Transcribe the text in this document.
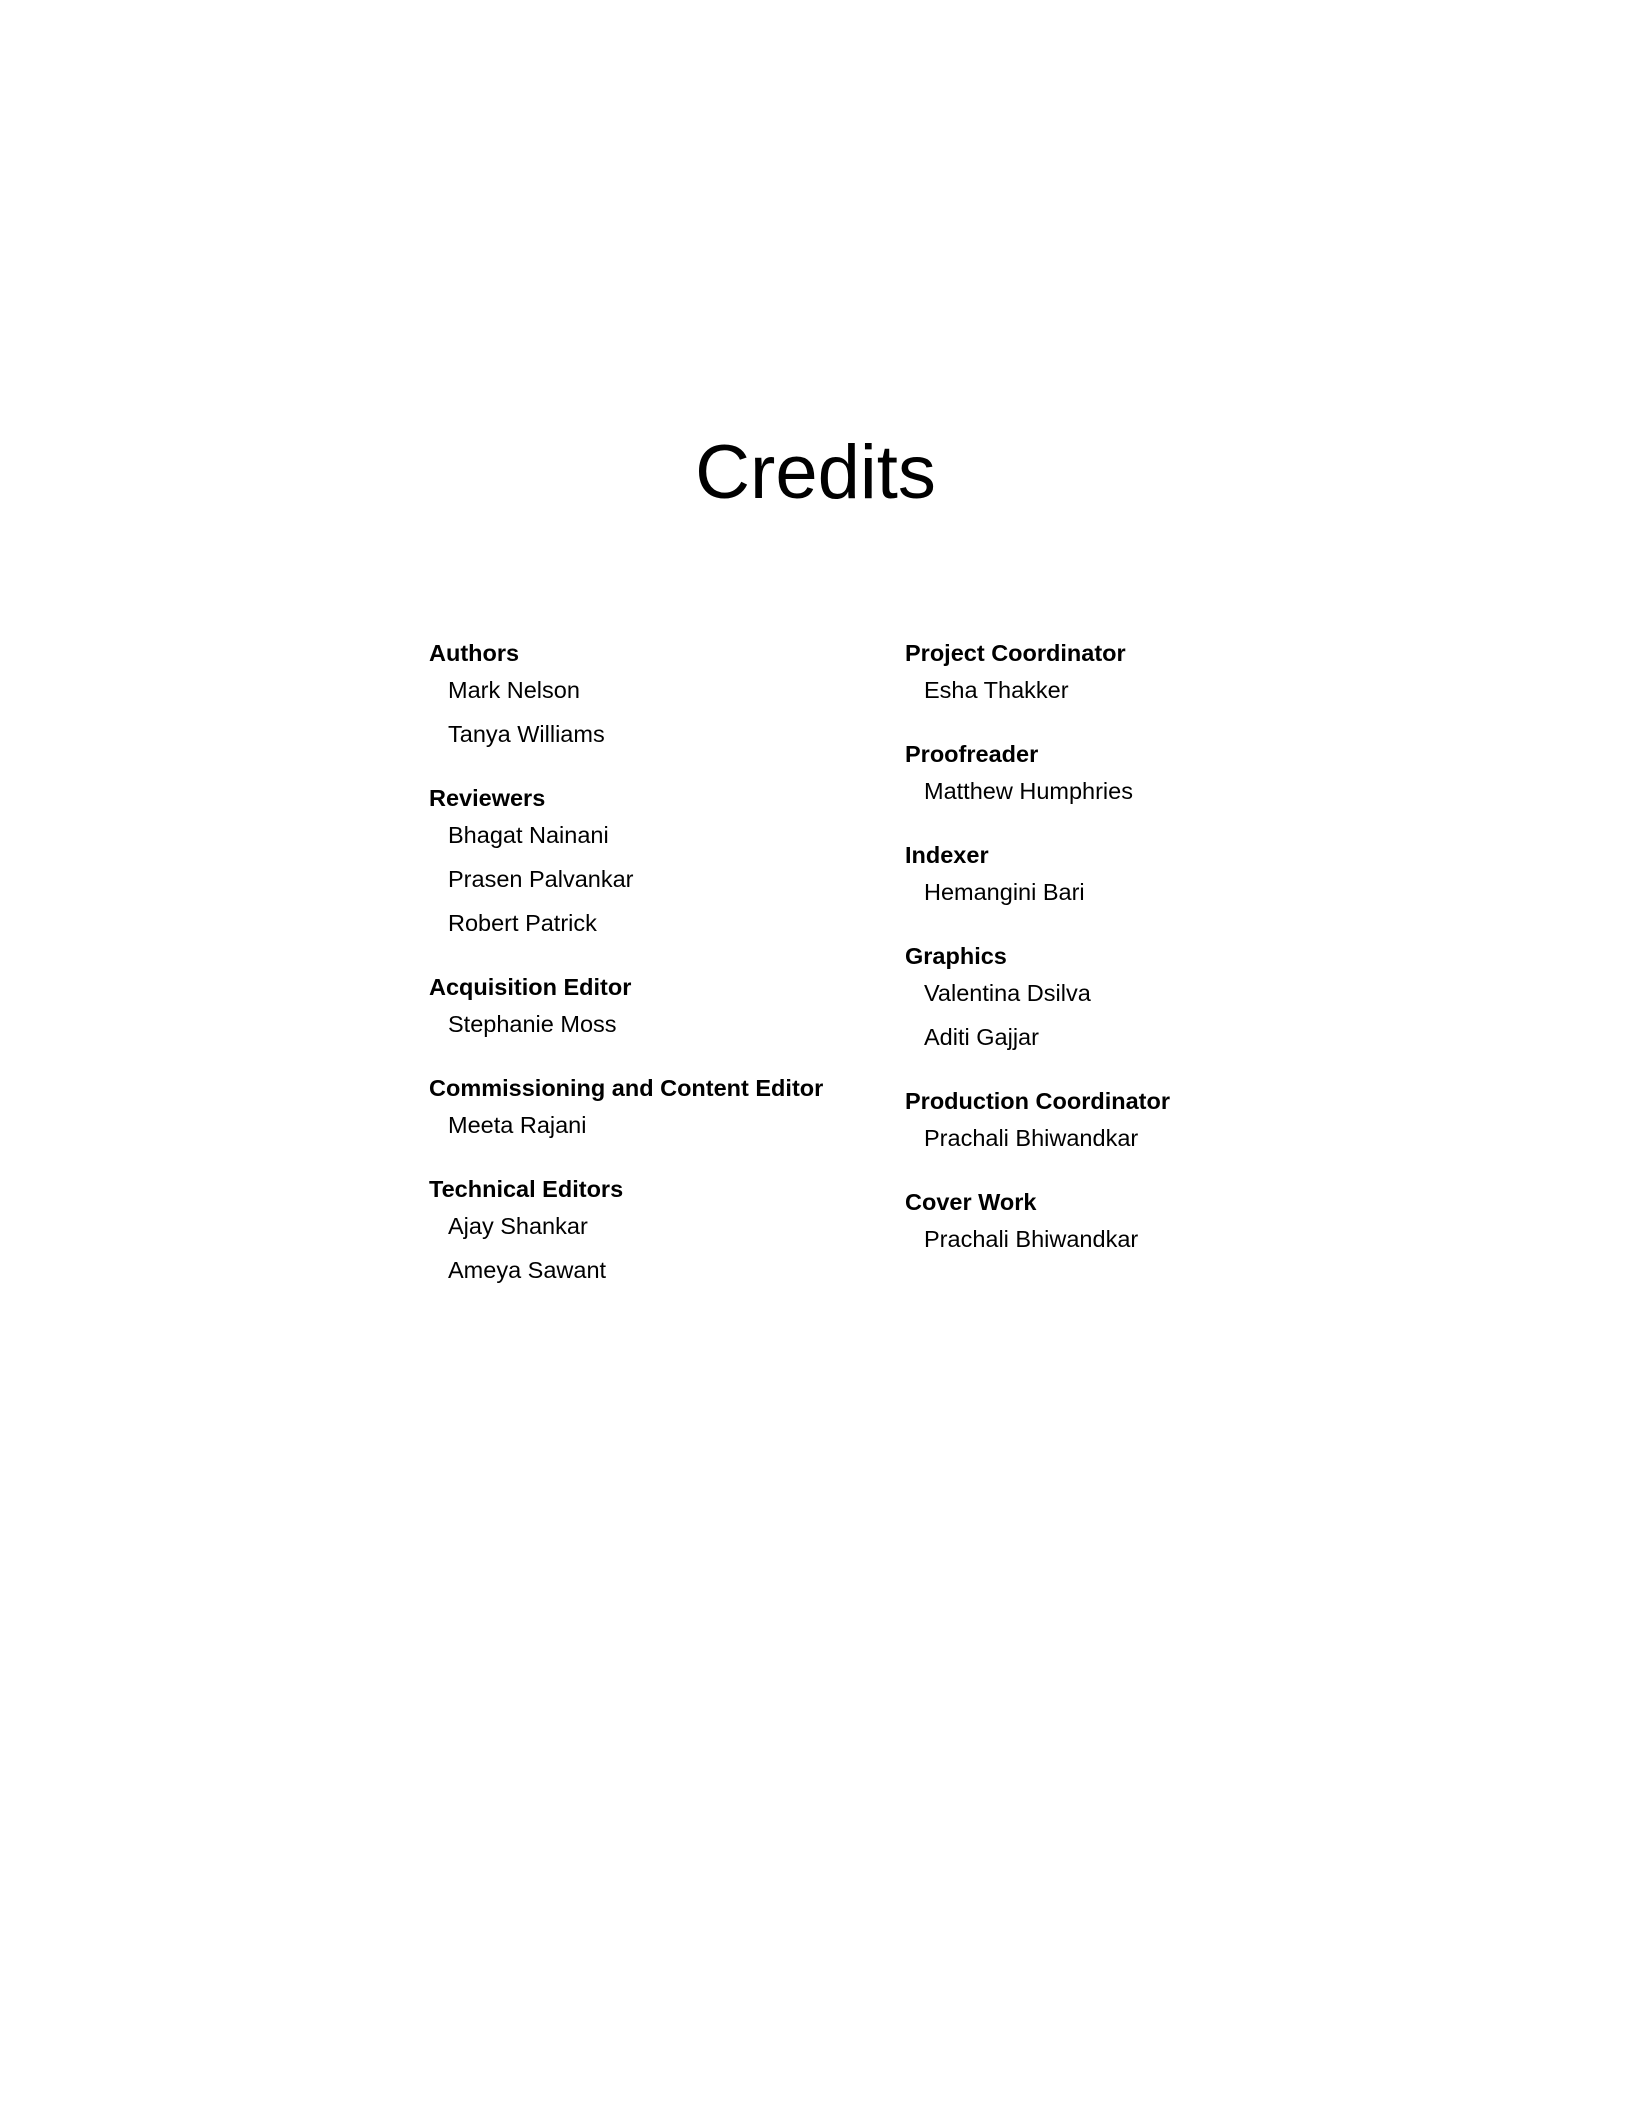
Credits
Authors
Mark Nelson
Tanya Williams
Reviewers
Bhagat Nainani
Prasen Palvankar
Robert Patrick
Acquisition Editor
Stephanie Moss
Commissioning and Content Editor
Meeta Rajani
Technical Editors
Ajay Shankar
Ameya Sawant
Project Coordinator
Esha Thakker
Proofreader
Matthew Humphries
Indexer
Hemangini Bari
Graphics
Valentina Dsilva
Aditi Gajjar
Production Coordinator
Prachali Bhiwandkar
Cover Work
Prachali Bhiwandkar
